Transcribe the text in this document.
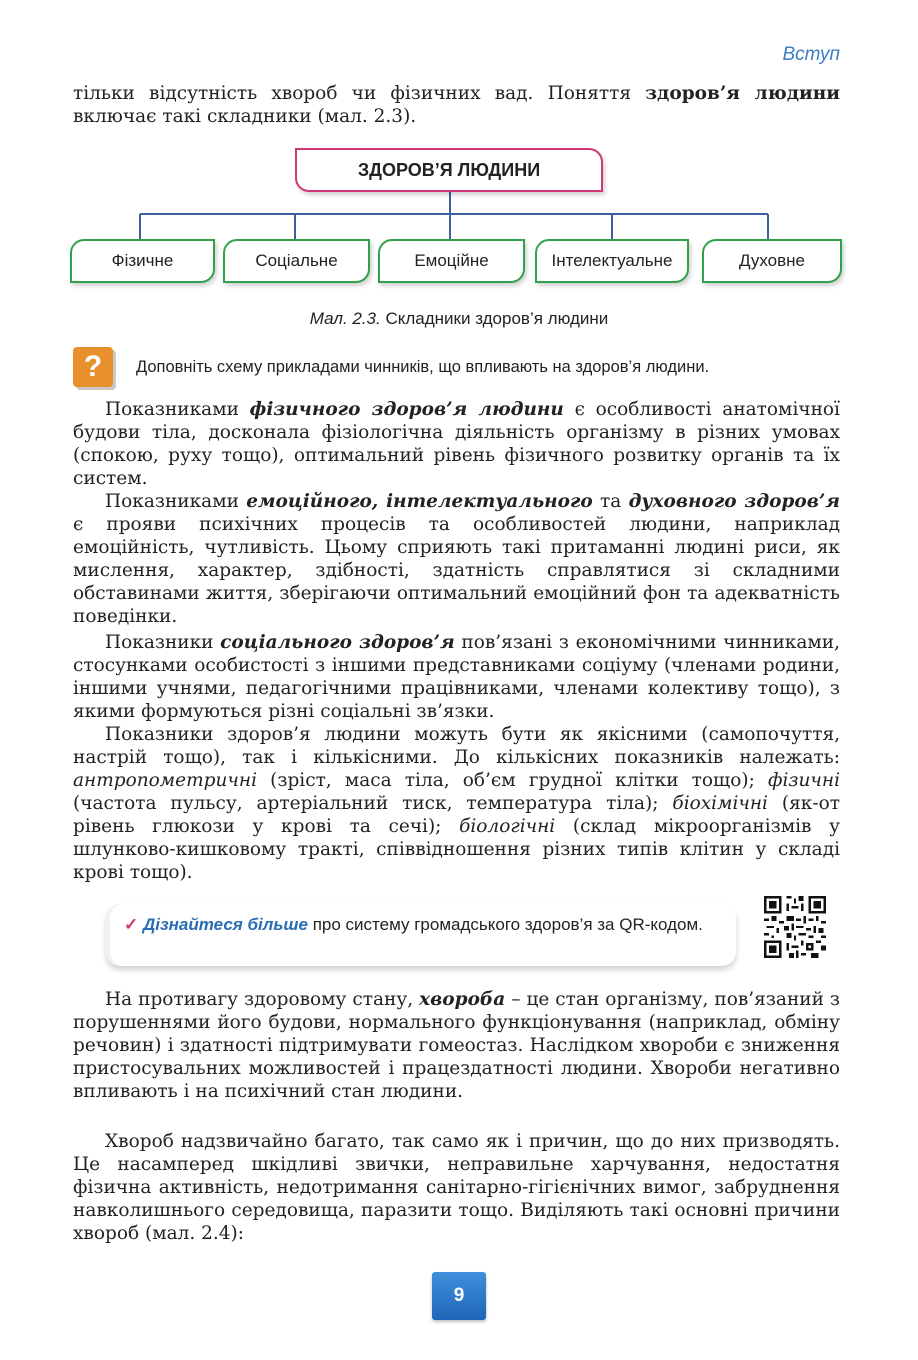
Вступ
тільки відсутність хвороб чи фізичних вад. Поняття здоров’я людини включає такі складники (мал. 2.3).
ЗДОРОВ’Я ЛЮДИНИ
Фізичне	Соціальне	Емоційне	Інтелектуальне	Духовне
Мал. 2.3. Складники здоров’я людини
? Доповніть схему прикладами чинників, що впливають на здоров’я людини.
Показниками фізичного здоров’я людини є особливості анатомічної будови тіла, досконала фізіологічна діяльність організму в різних умовах (спокою, руху тощо), оптимальний рівень фізичного розвитку органів та їх систем.
Показниками емоційного, інтелектуального та духовного здоров’я є прояви психічних процесів та особливостей людини, наприклад емоційність, чутливість. Цьому сприяють такі притаманні людині риси, як мислення, характер, здібності, здатність справлятися зі складними обставинами життя, зберігаючи оптимальний емоційний фон та адекватність поведінки.
Показники соціального здоров’я пов’язані з економічними чинниками, стосунками особистості з іншими представниками соціуму (членами родини, іншими учнями, педагогічними працівниками, членами колективу тощо), з якими формуються різні соціальні зв’язки.
Показники здоров’я людини можуть бути як якісними (самопочуття, настрій тощо), так і кількісними. До кількісних показників належать: антропометричні (зріст, маса тіла, об’єм грудної клітки тощо); фізичні (частота пульсу, артеріальний тиск, температура тіла); біохімічні (як-от рівень глюкози у крові та сечі); біологічні (склад мікроорганізмів у шлунково-кишковому тракті, співвідношення різних типів клітин у складі крові тощо).
✓ Дізнайтеся більше про систему громадського здоров’я за QR-кодом.
На противагу здоровому стану, хвороба – це стан організму, пов’язаний з порушеннями його будови, нормального функціонування (наприклад, обміну речовин) і здатності підтримувати гомеостаз. Наслідком хвороби є зниження пристосувальних можливостей і працездатності людини. Хвороби негативно впливають і на психічний стан людини.
Хвороб надзвичайно багато, так само як і причин, що до них призводять. Це насамперед шкідливі звички, неправильне харчування, недостатня фізична активність, недотримання санітарно-гігієнічних вимог, забруднення навколишнього середовища, паразити тощо. Виділяють такі основні причини хвороб (мал. 2.4):
9
